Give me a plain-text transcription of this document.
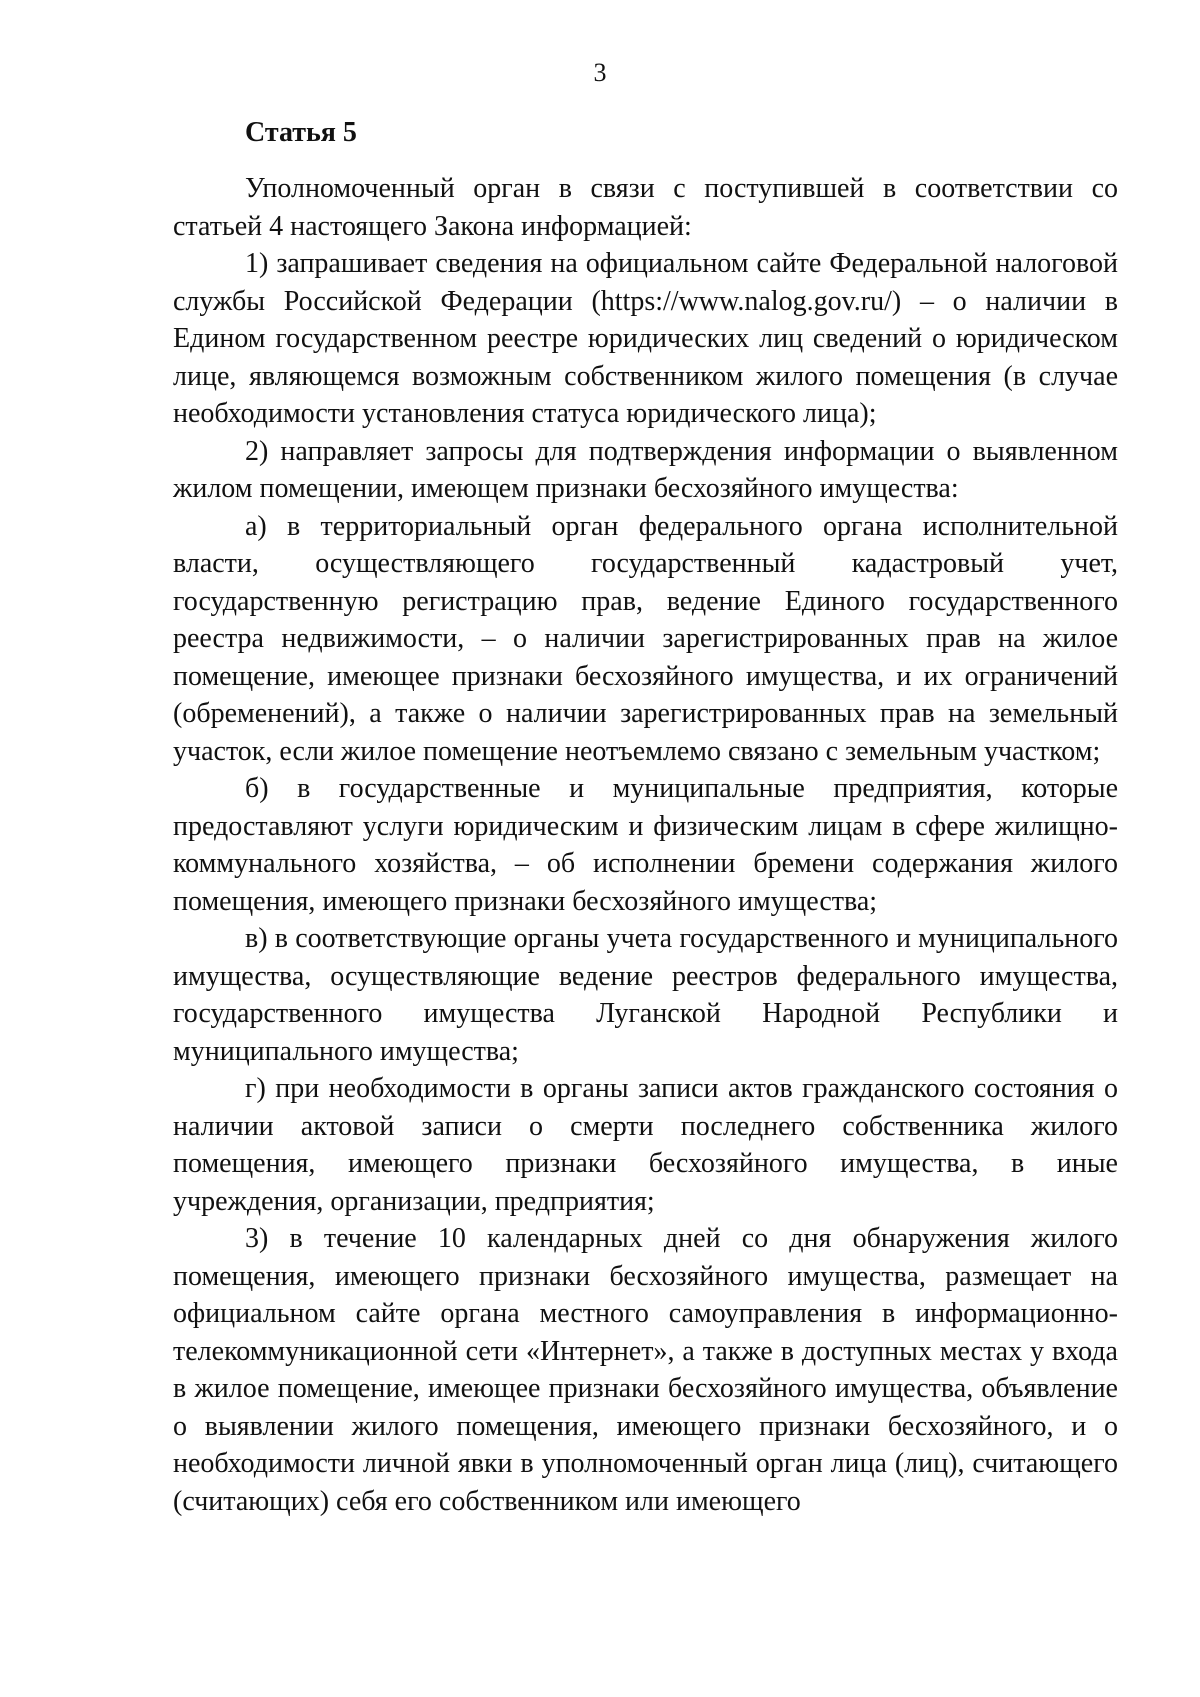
3
Статья 5

Уполномоченный орган в связи с поступившей в соответствии со статьей 4 настоящего Закона информацией:

1) запрашивает сведения на официальном сайте Федеральной налоговой службы Российской Федерации (https://www.nalog.gov.ru/) – о наличии в Едином государственном реестре юридических лиц сведений о юридическом лице, являющемся возможным собственником жилого помещения (в случае необходимости установления статуса юридического лица);

2) направляет запросы для подтверждения информации о выявленном жилом помещении, имеющем признаки бесхозяйного имущества:

а) в территориальный орган федерального органа исполнительной власти, осуществляющего государственный кадастровый учет, государственную регистрацию прав, ведение Единого государственного реестра недвижимости, – о наличии зарегистрированных прав на жилое помещение, имеющее признаки бесхозяйного имущества, и их ограничений (обременений), а также о наличии зарегистрированных прав на земельный участок, если жилое помещение неотъемлемо связано с земельным участком;

б) в государственные и муниципальные предприятия, которые предоставляют услуги юридическим и физическим лицам в сфере жилищно-коммунального хозяйства, – об исполнении бремени содержания жилого помещения, имеющего признаки бесхозяйного имущества;

в) в соответствующие органы учета государственного и муниципального имущества, осуществляющие ведение реестров федерального имущества, государственного имущества Луганской Народной Республики и муниципального имущества;

г) при необходимости в органы записи актов гражданского состояния о наличии актовой записи о смерти последнего собственника жилого помещения, имеющего признаки бесхозяйного имущества, в иные учреждения, организации, предприятия;

3) в течение 10 календарных дней со дня обнаружения жилого помещения, имеющего признаки бесхозяйного имущества, размещает на официальном сайте органа местного самоуправления в информационно-телекоммуникационной сети «Интернет», а также в доступных местах у входа в жилое помещение, имеющее признаки бесхозяйного имущества, объявление о выявлении жилого помещения, имеющего признаки бесхозяйного, и о необходимости личной явки в уполномоченный орган лица (лиц), считающего (считающих) себя его собственником или имеющего
